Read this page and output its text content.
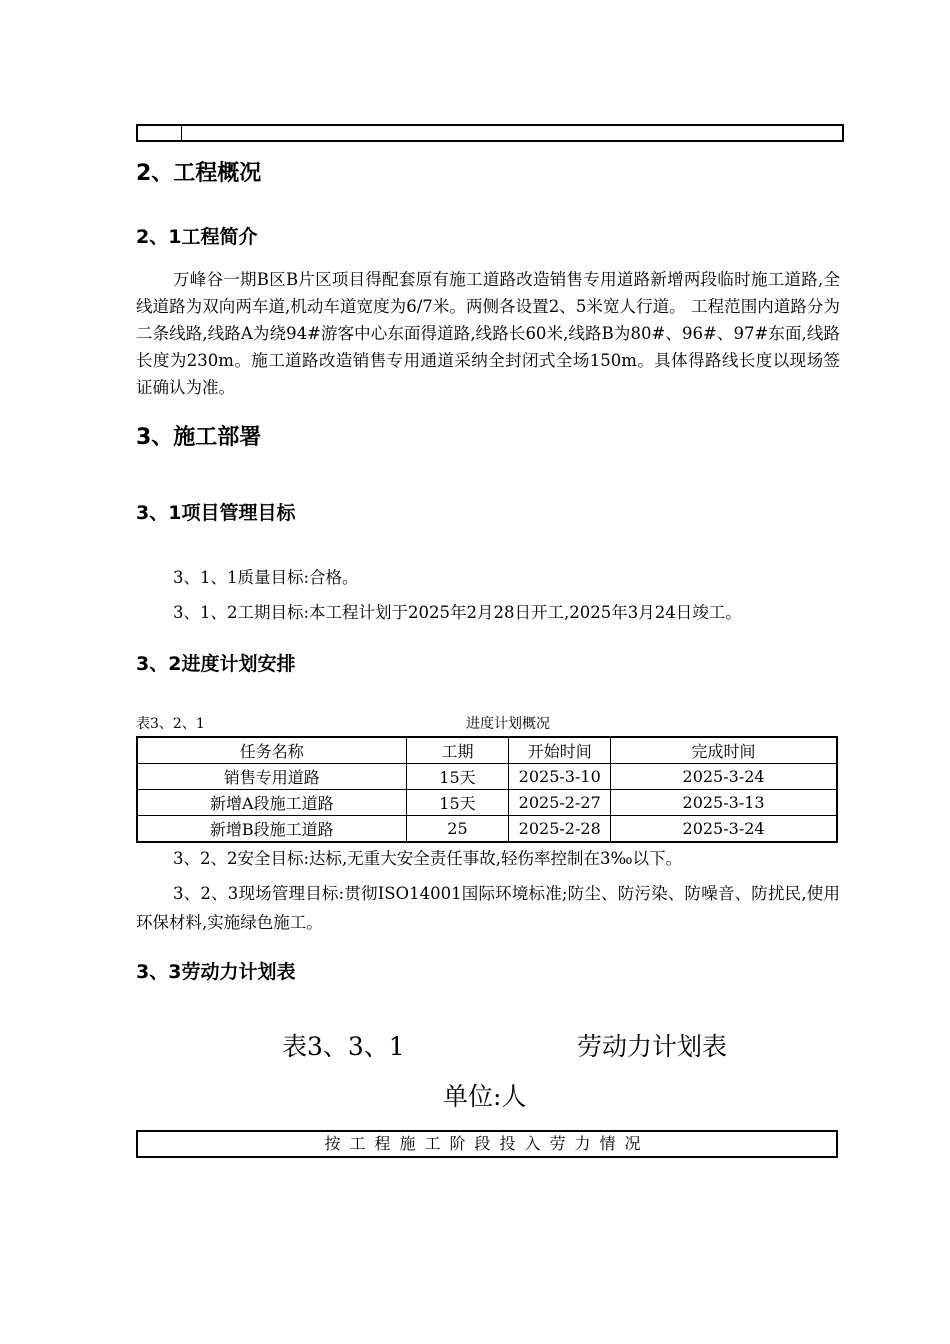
2、工程概况
2、1工程简介
万峰谷一期B区B片区项目得配套原有施工道路改造销售专用道路新增两段临时施工道路,全线道路为双向两车道,机动车道宽度为6/7米。两侧各设置2、5米宽人行道。 工程范围内道路分为二条线路,线路A为绕94#游客中心东面得道路,线路长60米,线路B为80#、96#、97#东面,线路长度为230m。施工道路改造销售专用通道采纳全封闭式全场150m。具体得路线长度以现场签证确认为准。
3、施工部署
3、1项目管理目标
3、1、1质量目标:合格。
3、1、2工期目标:本工程计划于2025年2月28日开工,2025年3月24日竣工。
3、2进度计划安排
表3、2、1	进度计划概况
任务名称	工期	开始时间	完成时间
销售专用道路	15天	2025-3-10	2025-3-24
新增A段施工道路	15天	2025-2-27	2025-3-13
新增B段施工道路	25	2025-2-28	2025-3-24
3、2、2安全目标:达标,无重大安全责任事故,轻伤率控制在3‰以下。
3、2、3现场管理目标:贯彻ISO14001国际环境标准;防尘、防污染、防噪音、防扰民,使用环保材料,实施绿色施工。
3、3劳动力计划表
表3、3、1	劳动力计划表
单位:人
按工程施工阶段投入劳力情况
